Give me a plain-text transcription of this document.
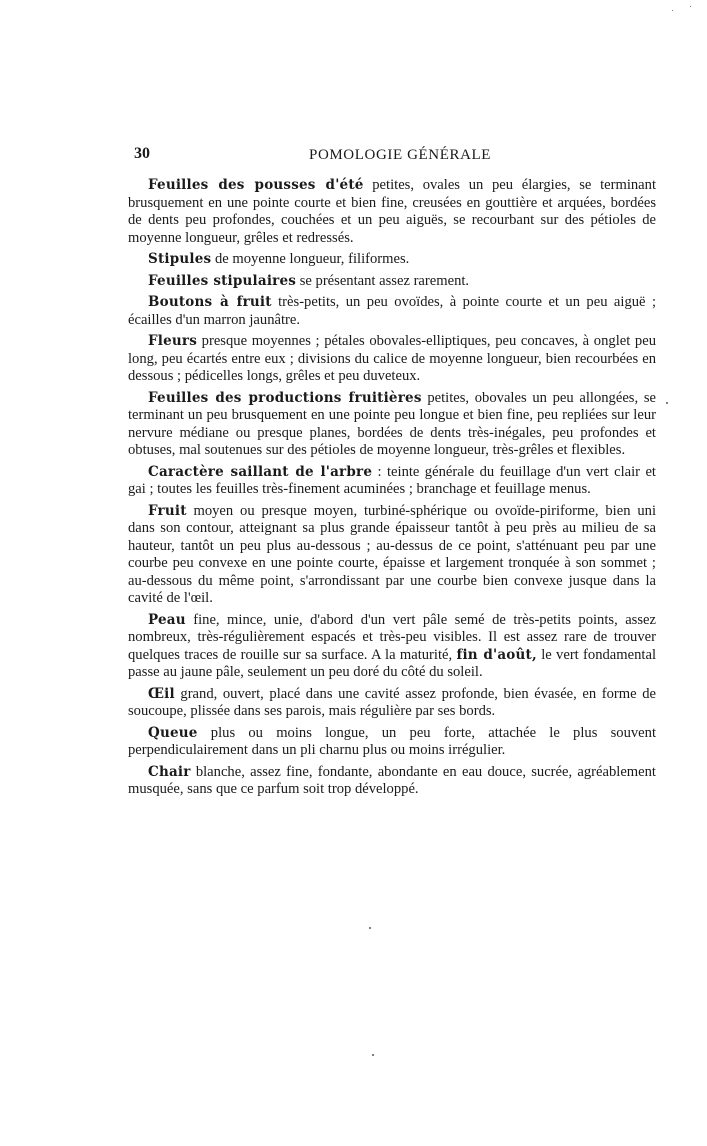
30	POMOLOGIE GÉNÉRALE

Feuilles des pousses d'été petites, ovales un peu élargies, se terminant brusquement en une pointe courte et bien fine, creusées en gouttière et arquées, bordées de dents peu profondes, couchées et un peu aiguës, se recourbant sur des pétioles de moyenne longueur, grêles et redressés.

Stipules de moyenne longueur, filiformes.

Feuilles stipulaires se présentant assez rarement.

Boutons à fruit très-petits, un peu ovoïdes, à pointe courte et un peu aiguë ; écailles d'un marron jaunâtre.

Fleurs presque moyennes ; pétales obovales-elliptiques, peu concaves, à onglet peu long, peu écartés entre eux ; divisions du calice de moyenne longueur, bien recourbées en dessous ; pédicelles longs, grêles et peu duveteux.

Feuilles des productions fruitières petites, obovales un peu allongées, se terminant un peu brusquement en une pointe peu longue et bien fine, peu repliées sur leur nervure médiane ou presque planes, bordées de dents très-inégales, peu profondes et obtuses, mal soutenues sur des pétioles de moyenne longueur, très-grêles et flexibles.

Caractère saillant de l'arbre : teinte générale du feuillage d'un vert clair et gai ; toutes les feuilles très-finement acuminées ; branchage et feuillage menus.

Fruit moyen ou presque moyen, turbiné-sphérique ou ovoïde-piriforme, bien uni dans son contour, atteignant sa plus grande épaisseur tantôt à peu près au milieu de sa hauteur, tantôt un peu plus au-dessous ; au-dessus de ce point, s'atténuant peu par une courbe peu convexe en une pointe courte, épaisse et largement tronquée à son sommet ; au-dessous du même point, s'arrondissant par une courbe bien convexe jusque dans la cavité de l'œil.

Peau fine, mince, unie, d'abord d'un vert pâle semé de très-petits points, assez nombreux, très-régulièrement espacés et très-peu visibles. Il est assez rare de trouver quelques traces de rouille sur sa surface. A la maturité, fin d'août, le vert fondamental passe au jaune pâle, seulement un peu doré du côté du soleil.

Œil grand, ouvert, placé dans une cavité assez profonde, bien évasée, en forme de soucoupe, plissée dans ses parois, mais régulière par ses bords.

Queue plus ou moins longue, un peu forte, attachée le plus souvent perpendiculairement dans un pli charnu plus ou moins irrégulier.

Chair blanche, assez fine, fondante, abondante en eau douce, sucrée, agréablement musquée, sans que ce parfum soit trop développé.
